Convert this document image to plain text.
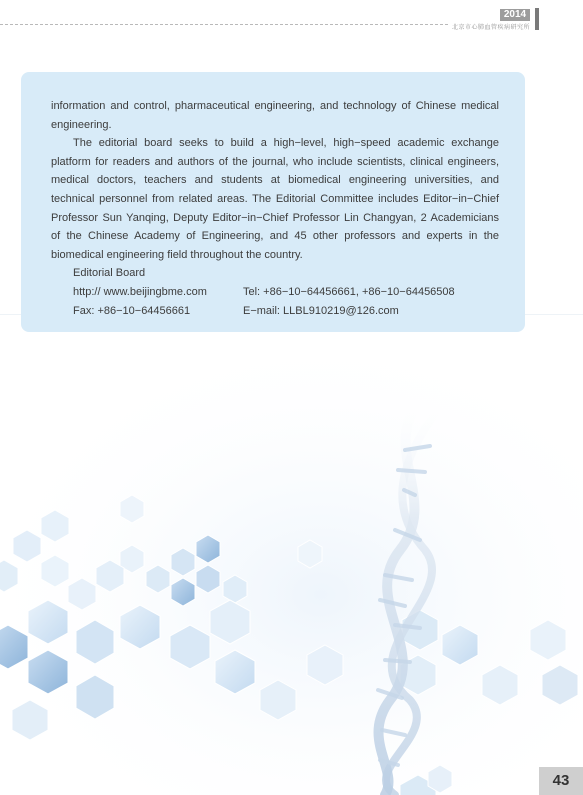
2014
北京市心肺血管疾病研究所

information and control, pharmaceutical engineering, and technology of Chinese medical engineering.

The editorial board seeks to build a high−level, high−speed academic exchange platform for readers and authors of the journal, who include scientists, clinical engineers, medical doctors, teachers and students at biomedical engineering universities, and technical personnel from related areas. The Editorial Committee includes Editor−in−Chief Professor Sun Yanqing, Deputy Editor−in−Chief Professor Lin Changyan, 2 Academicians of the Chinese Academy of Engineering, and 45 other professors and experts in the biomedical engineering field throughout the country.

Editorial Board
http:// www.beijingbme.com	Tel: +86−10−64456661, +86−10−64456508
Fax: +86−10−64456661	E−mail: LLBL910219@126.com
43
